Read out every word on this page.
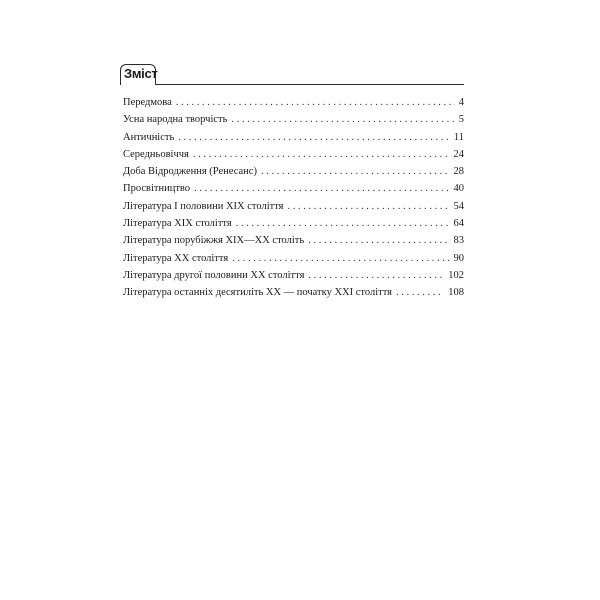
Зміст
Передмова . . .	4
Усна народна творчість . . .	5
Античність . . .	11
Середньовіччя . . .	24
Доба Відродження (Ренесанс) . . .	28
Просвітництво . . .	40
Література І половини ХІХ століття . . .	54
Література ХІХ століття . . .	64
Література порубіжжя ХІХ—ХХ століть . . .	83
Література ХХ століття . . .	90
Література другої половини ХХ століття . . .	102
Література останніх десятиліть ХХ — початку ХХІ століття . . .	108
